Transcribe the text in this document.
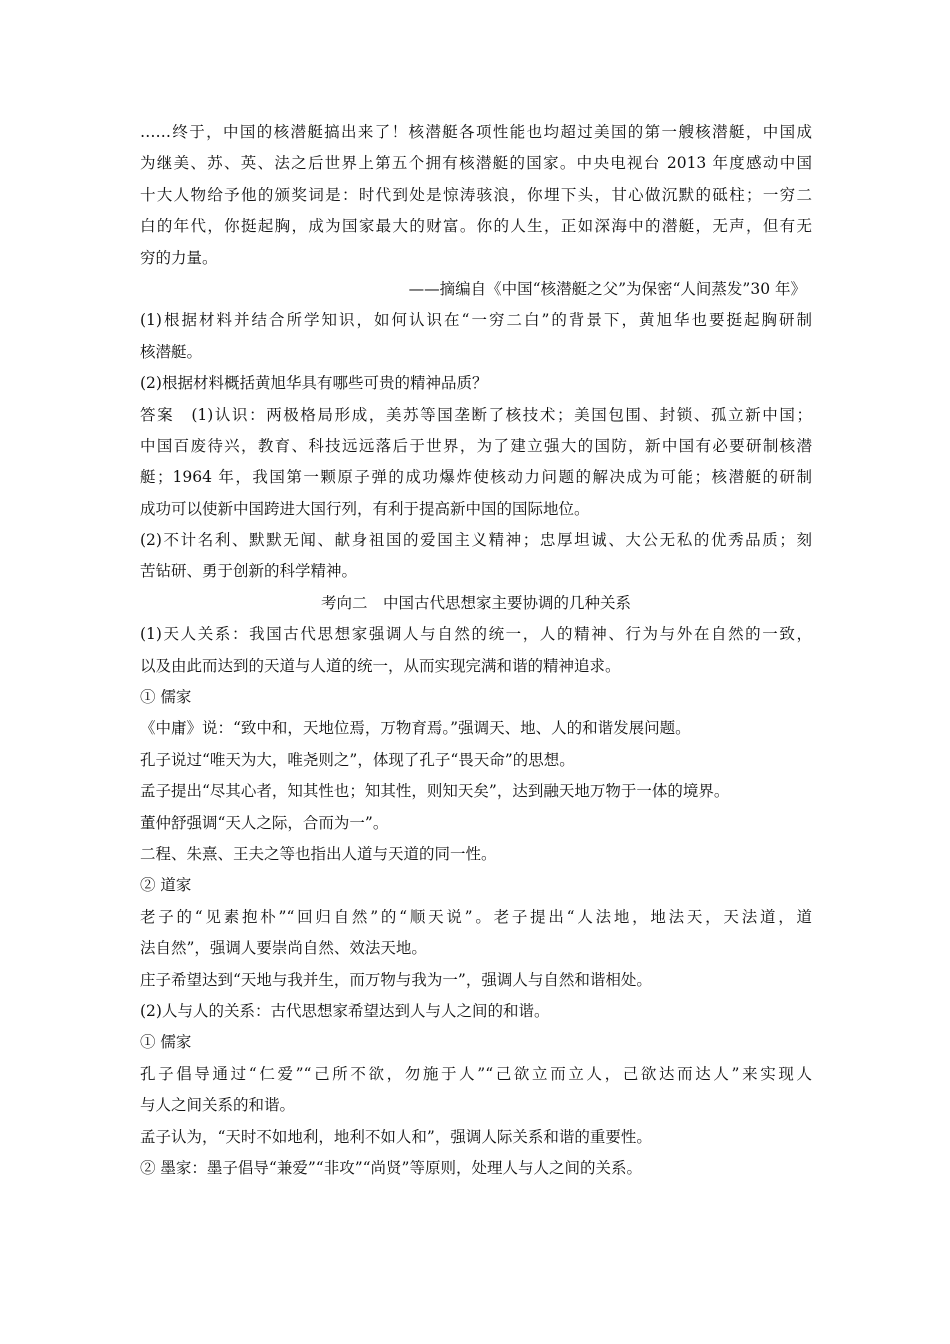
……终于，中国的核潜艇搞出来了！核潜艇各项性能也均超过美国的第一艘核潜艇，中国成
为继美、苏、英、法之后世界上第五个拥有核潜艇的国家。中央电视台 2013 年度感动中国
十大人物给予他的颁奖词是：时代到处是惊涛骇浪，你埋下头，甘心做沉默的砥柱；一穷二
白的年代，你挺起胸，成为国家最大的财富。你的人生，正如深海中的潜艇，无声，但有无
穷的力量。
——摘编自《中国“核潜艇之父”为保密“人间蒸发”30 年》
(1)根据材料并结合所学知识，如何认识在“一穷二白”的背景下，黄旭华也要挺起胸研制
核潜艇。
(2)根据材料概括黄旭华具有哪些可贵的精神品质？
答案　(1)认识：两极格局形成，美苏等国垄断了核技术；美国包围、封锁、孤立新中国；
中国百废待兴，教育、科技远远落后于世界，为了建立强大的国防，新中国有必要研制核潜
艇；1964 年，我国第一颗原子弹的成功爆炸使核动力问题的解决成为可能；核潜艇的研制
成功可以使新中国跨进大国行列，有利于提高新中国的国际地位。
(2)不计名利、默默无闻、献身祖国的爱国主义精神；忠厚坦诚、大公无私的优秀品质；刻
苦钻研、勇于创新的科学精神。
考向二　中国古代思想家主要协调的几种关系
(1)天人关系：我国古代思想家强调人与自然的统一，人的精神、行为与外在自然的一致，
以及由此而达到的天道与人道的统一，从而实现完满和谐的精神追求。
① 儒家
《中庸》说：“致中和，天地位焉，万物育焉。”强调天、地、人的和谐发展问题。
孔子说过“唯天为大，唯尧则之”，体现了孔子“畏天命”的思想。
孟子提出“尽其心者，知其性也；知其性，则知天矣”，达到融天地万物于一体的境界。
董仲舒强调“天人之际，合而为一”。
二程、朱熹、王夫之等也指出人道与天道的同一性。
② 道家
老子的“见素抱朴”“回归自然”的“顺天说”。老子提出“人法地，地法天，天法道，道
法自然”，强调人要崇尚自然、效法天地。
庄子希望达到“天地与我并生，而万物与我为一”，强调人与自然和谐相处。
(2)人与人的关系：古代思想家希望达到人与人之间的和谐。
① 儒家
孔子倡导通过“仁爱”“己所不欲，勿施于人”“己欲立而立人，己欲达而达人”来实现人
与人之间关系的和谐。
孟子认为，“天时不如地利，地利不如人和”，强调人际关系和谐的重要性。
② 墨家：墨子倡导“兼爱”“非攻”“尚贤”等原则，处理人与人之间的关系。
